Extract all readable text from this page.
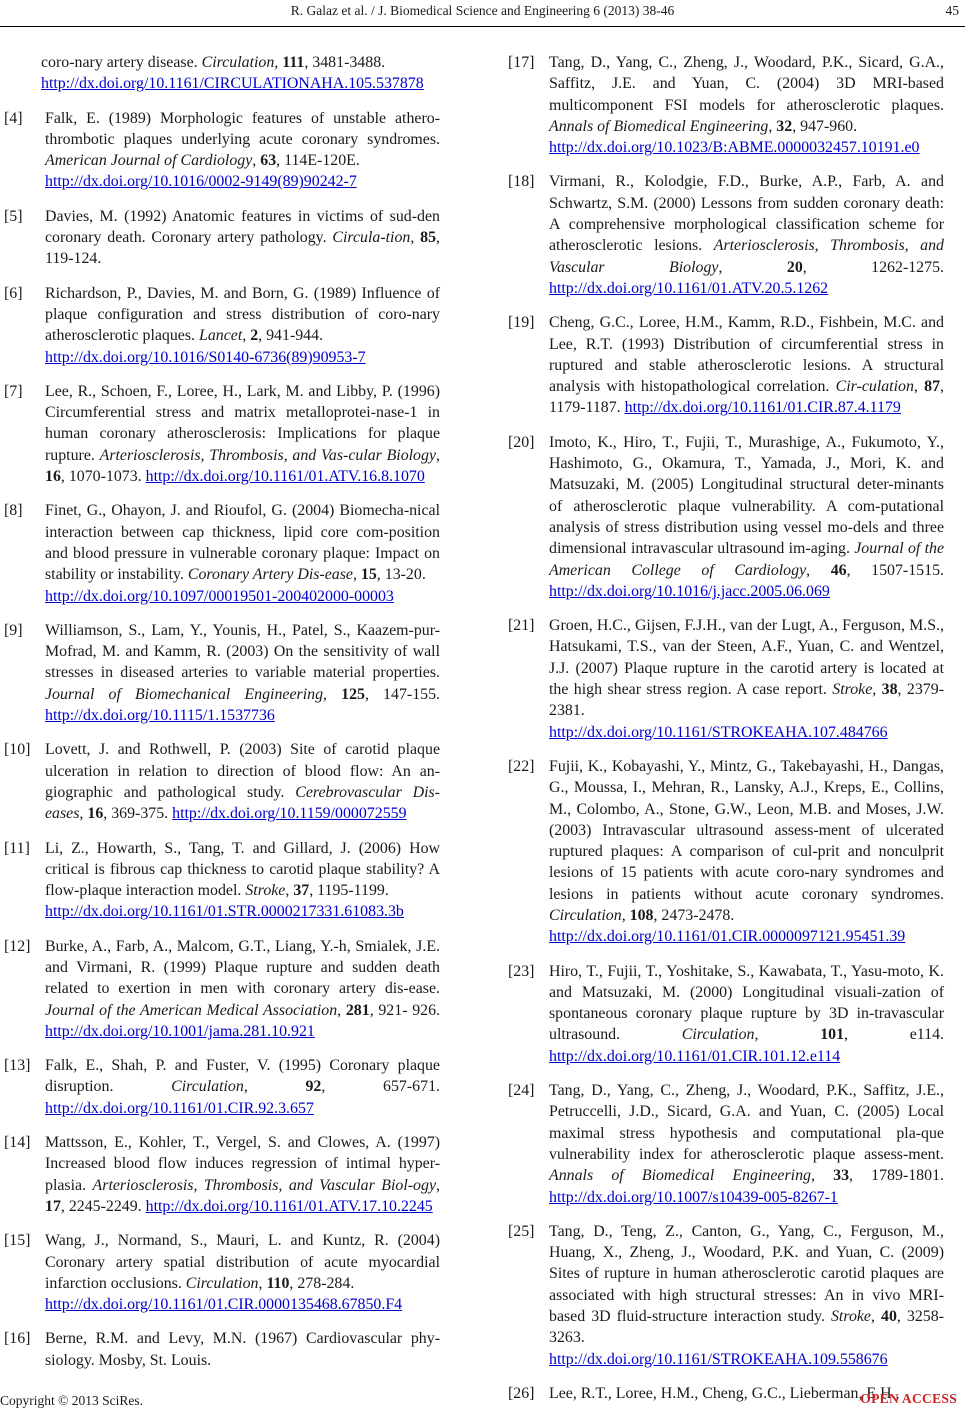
R. Galaz et al. / J. Biomedical Science and Engineering 6 (2013) 38-46	45
coro-nary artery disease. Circulation, 111, 3481-3488.
http://dx.doi.org/10.1161/CIRCULATIONAHA.105.537878
[4] Falk, E. (1989) Morphologic features of unstable athero-thrombotic plaques underlying acute coronary syndromes. American Journal of Cardiology, 63, 114E-120E.
http://dx.doi.org/10.1016/0002-9149(89)90242-7
[5] Davies, M. (1992) Anatomic features in victims of sud-den coronary death. Coronary artery pathology. Circula-tion, 85, 119-124.
[6] Richardson, P., Davies, M. and Born, G. (1989) Influence of plaque configuration and stress distribution of coro-nary atherosclerotic plaques. Lancet, 2, 941-944.
http://dx.doi.org/10.1016/S0140-6736(89)90953-7
[7] Lee, R., Schoen, F., Loree, H., Lark, M. and Libby, P. (1996) Circumferential stress and matrix metalloprotei-nase-1 in human coronary atherosclerosis: Implications for plaque rupture. Arteriosclerosis, Thrombosis, and Vas-cular Biology, 16, 1070-1073. http://dx.doi.org/10.1161/01.ATV.16.8.1070
[8] Finet, G., Ohayon, J. and Rioufol, G. (2004) Biomecha-nical interaction between cap thickness, lipid core com-position and blood pressure in vulnerable coronary plaque: Impact on stability or instability. Coronary Artery Dis-ease, 15, 13-20.
http://dx.doi.org/10.1097/00019501-200402000-00003
[9] Williamson, S., Lam, Y., Younis, H., Patel, S., Kaazem-pur-Mofrad, M. and Kamm, R. (2003) On the sensitivity of wall stresses in diseased arteries to variable material properties. Journal of Biomechanical Engineering, 125, 147-155. http://dx.doi.org/10.1115/1.1537736
[10] Lovett, J. and Rothwell, P. (2003) Site of carotid plaque ulceration in relation to direction of blood flow: An an-giographic and pathological study. Cerebrovascular Dis-eases, 16, 369-375. http://dx.doi.org/10.1159/000072559
[11] Li, Z., Howarth, S., Tang, T. and Gillard, J. (2006) How critical is fibrous cap thickness to carotid plaque stability? A flow-plaque interaction model. Stroke, 37, 1195-1199.
http://dx.doi.org/10.1161/01.STR.0000217331.61083.3b
[12] Burke, A., Farb, A., Malcom, G.T., Liang, Y.-h, Smialek, J.E. and Virmani, R. (1999) Plaque rupture and sudden death related to exertion in men with coronary artery dis-ease. Journal of the American Medical Association, 281, 921- 926. http://dx.doi.org/10.1001/jama.281.10.921
[13] Falk, E., Shah, P. and Fuster, V. (1995) Coronary plaque disruption.	Circulation, 92, 657-671. http://dx.doi.org/10.1161/01.CIR.92.3.657
[14] Mattsson, E., Kohler, T., Vergel, S. and Clowes, A. (1997) Increased blood flow induces regression of intimal hyper-plasia. Arteriosclerosis, Thrombosis, and Vascular Biol-ogy, 17, 2245-2249. http://dx.doi.org/10.1161/01.ATV.17.10.2245
[15] Wang, J., Normand, S., Mauri, L. and Kuntz, R. (2004) Coronary artery spatial distribution of acute myocardial infarction occlusions. Circulation, 110, 278-284.
http://dx.doi.org/10.1161/01.CIR.0000135468.67850.F4
[16] Berne, R.M. and Levy, M.N. (1967) Cardiovascular phy-siology. Mosby, St. Louis.
[17] Tang, D., Yang, C., Zheng, J., Woodard, P.K., Sicard, G.A., Saffitz, J.E. and Yuan, C. (2004) 3D MRI-based multicomponent FSI models for atherosclerotic plaques. Annals of Biomedical Engineering, 32, 947-960.
http://dx.doi.org/10.1023/B:ABME.0000032457.10191.e0
[18] Virmani, R., Kolodgie, F.D., Burke, A.P., Farb, A. and Schwartz, S.M. (2000) Lessons from sudden coronary death: A comprehensive morphological classification scheme for atherosclerotic lesions. Arteriosclerosis, Thrombosis, and Vascular Biology, 20, 1262-1275. http://dx.doi.org/10.1161/01.ATV.20.5.1262
[19] Cheng, G.C., Loree, H.M., Kamm, R.D., Fishbein, M.C. and Lee, R.T. (1993) Distribution of circumferential stress in ruptured and stable atherosclerotic lesions. A structural analysis with histopathological correlation. Cir-culation, 87, 1179-1187. http://dx.doi.org/10.1161/01.CIR.87.4.1179
[20] Imoto, K., Hiro, T., Fujii, T., Murashige, A., Fukumoto, Y., Hashimoto, G., Okamura, T., Yamada, J., Mori, K. and Matsuzaki, M. (2005) Longitudinal structural deter-minants of atherosclerotic plaque vulnerability. A com-putational analysis of stress distribution using vessel mo-dels and three dimensional intravascular ultrasound im-aging. Journal of the American College of Cardiology, 46, 1507-1515. http://dx.doi.org/10.1016/j.jacc.2005.06.069
[21] Groen, H.C., Gijsen, F.J.H., van der Lugt, A., Ferguson, M.S., Hatsukami, T.S., van der Steen, A.F., Yuan, C. and Wentzel, J.J. (2007) Plaque rupture in the carotid artery is located at the high shear stress region. A case report. Stroke, 38, 2379-2381.
http://dx.doi.org/10.1161/STROKEAHA.107.484766
[22] Fujii, K., Kobayashi, Y., Mintz, G., Takebayashi, H., Dangas, G., Moussa, I., Mehran, R., Lansky, A.J., Kreps, E., Collins, M., Colombo, A., Stone, G.W., Leon, M.B. and Moses, J.W. (2003) Intravascular ultrasound assess-ment of ulcerated ruptured plaques: A comparison of cul-prit and nonculprit lesions of 15 patients with acute coro-nary syndromes and lesions in patients without acute coronary syndromes. Circulation, 108, 2473-2478.
http://dx.doi.org/10.1161/01.CIR.0000097121.95451.39
[23] Hiro, T., Fujii, T., Yoshitake, S., Kawabata, T., Yasu-moto, K. and Matsuzaki, M. (2000) Longitudinal visuali-zation of spontaneous coronary plaque rupture by 3D in-travascular ultrasound.	Circulation, 101, e114. http://dx.doi.org/10.1161/01.CIR.101.12.e114
[24] Tang, D., Yang, C., Zheng, J., Woodard, P.K., Saffitz, J.E., Petruccelli, J.D., Sicard, G.A. and Yuan, C. (2005) Local maximal stress hypothesis and computational pla-que vulnerability index for atherosclerotic plaque assess-ment. Annals of Biomedical Engineering, 33, 1789-1801. http://dx.doi.org/10.1007/s10439-005-8267-1
[25] Tang, D., Teng, Z., Canton, G., Yang, C., Ferguson, M., Huang, X., Zheng, J., Woodard, P.K. and Yuan, C. (2009) Sites of rupture in human atherosclerotic carotid plaques are associated with high structural stresses: An in vivo MRI-based 3D fluid-structure interaction study. Stroke, 40, 3258-3263.
http://dx.doi.org/10.1161/STROKEAHA.109.558676
[26] Lee, R.T., Loree, H.M., Cheng, G.C., Lieberman, E.H.,
Copyright © 2013 SciRes.	OPEN ACCESS
